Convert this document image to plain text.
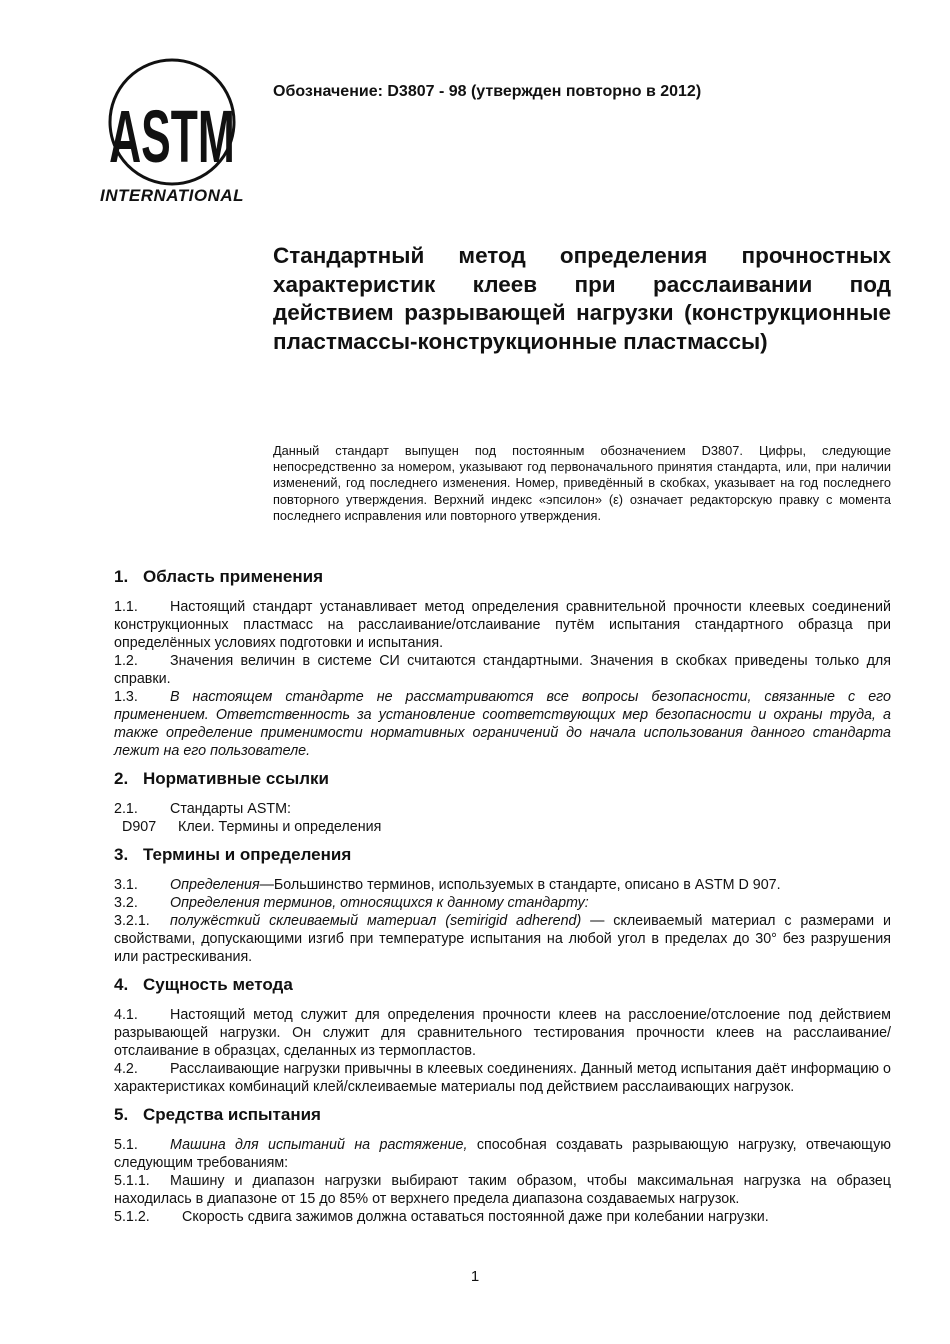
ASTM
INTERNATIONAL
Обозначение: D3807 - 98 (утвержден повторно в 2012)

Стандартный метод определения прочностных характеристик клеев при расслаивании под действием разрывающей нагрузки (конструкционные пластмассы-конструкционные пластмассы)

Данный стандарт выпущен под постоянным обозначением D3807. Цифры, следующие непосредственно за номером, указывают год первоначального принятия стандарта, или, при наличии изменений, год последнего изменения. Номер, приведённый в скобках, указывает на год последнего повторного утверждения. Верхний индекс «эпсилон» (ε) означает редакторскую правку с момента последнего исправления или повторного утверждения.

1. Область применения

1.1. Настоящий стандарт устанавливает метод определения сравнительной прочности клеевых соединений конструкционных пластмасс на расслаивание/отслаивание путём испытания стандартного образца при определённых условиях подготовки и испытания.

1.2. Значения величин в системе СИ считаются стандартными. Значения в скобках приведены только для справки.

1.3. В настоящем стандарте не рассматриваются все вопросы безопасности, связанные с его применением. Ответственность за установление соответствующих мер безопасности и охраны труда, а также определение применимости нормативных ограничений до начала использования данного стандарта лежит на его пользователе.

2. Нормативные ссылки

2.1. Стандарты ASTM:

D907 Клеи. Термины и определения

3. Термины и определения

3.1. Определения—Большинство терминов, используемых в стандарте, описано в ASTM D 907.

3.2. Определения терминов, относящихся к данному стандарту:

3.2.1. полужёсткий склеиваемый материал (semirigid adherend) — склеиваемый материал с размерами и свойствами, допускающими изгиб при температуре испытания на любой угол в пределах до 30° без разрушения или растрескивания.

4. Сущность метода

4.1. Настоящий метод служит для определения прочности клеев на расслоение/отслоение под действием разрывающей нагрузки. Он служит для сравнительного тестирования прочности клеев на расслаивание/отслаивание в образцах, сделанных из термопластов.

4.2. Расслаивающие нагрузки привычны в клеевых соединениях. Данный метод испытания даёт информацию о характеристиках комбинаций клей/склеиваемые материалы под действием расслаивающих нагрузок.

5. Средства испытания

5.1. Машина для испытаний на растяжение, способная создавать разрывающую нагрузку, отвечающую следующим требованиям:

5.1.1. Машину и диапазон нагрузки выбирают таким образом, чтобы максимальная нагрузка на образец находилась в диапазоне от 15 до 85% от верхнего предела диапазона создаваемых нагрузок.

5.1.2. Скорость сдвига зажимов должна оставаться постоянной даже при колебании нагрузки.

1
